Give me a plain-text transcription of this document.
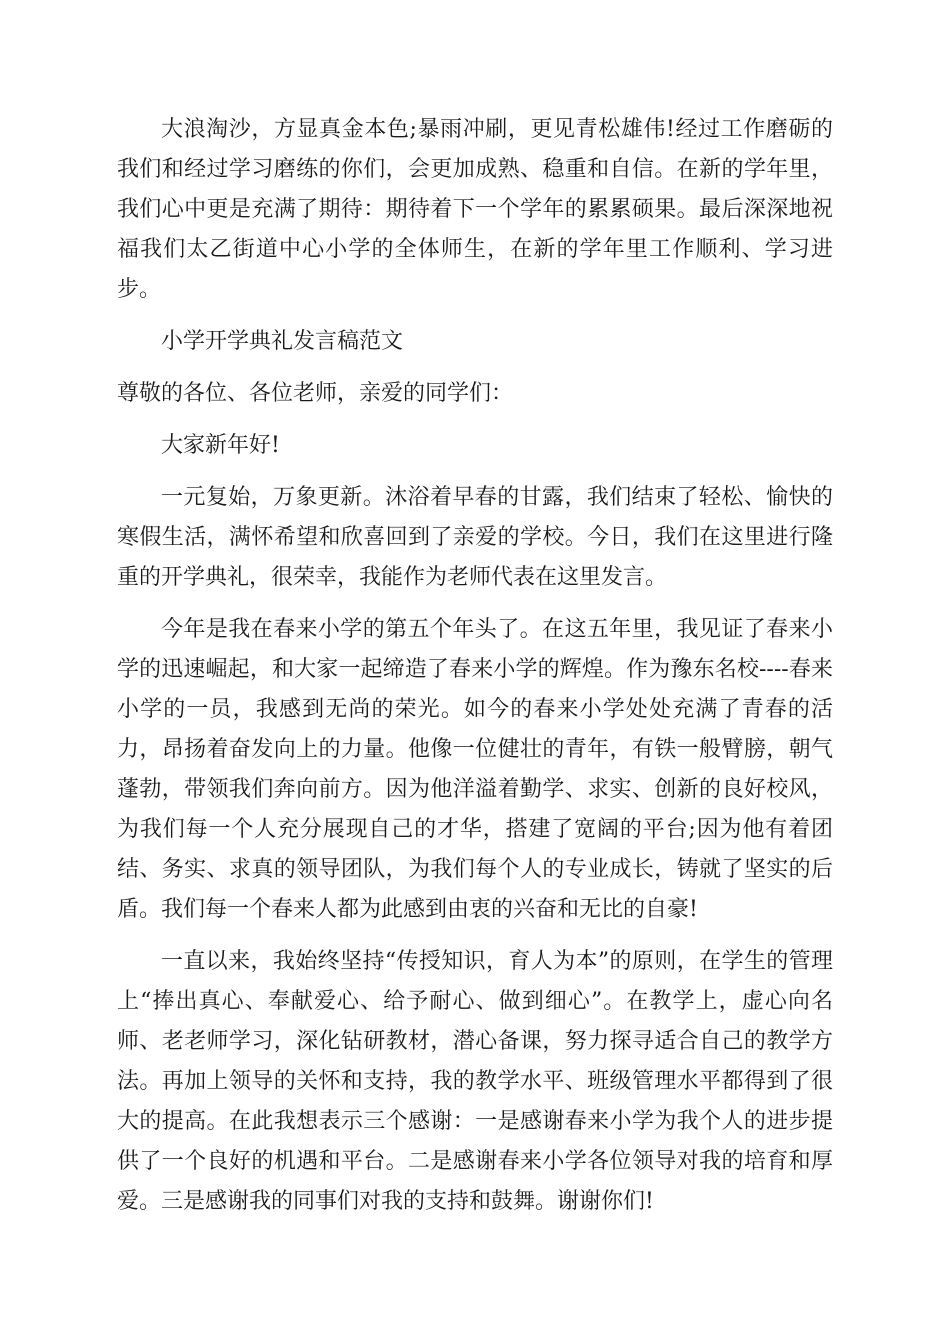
大浪淘沙，方显真金本色;暴雨冲刷，更见青松雄伟!经过工作磨砺的我们和经过学习磨练的你们，会更加成熟、稳重和自信。在新的学年里，我们心中更是充满了期待：期待着下一个学年的累累硕果。最后深深地祝福我们太乙街道中心小学的全体师生，在新的学年里工作顺利、学习进步。

小学开学典礼发言稿范文

尊敬的各位、各位老师，亲爱的同学们：

大家新年好!

一元复始，万象更新。沐浴着早春的甘露，我们结束了轻松、愉快的寒假生活，满怀希望和欣喜回到了亲爱的学校。今日，我们在这里进行隆重的开学典礼，很荣幸，我能作为老师代表在这里发言。

今年是我在春来小学的第五个年头了。在这五年里，我见证了春来小学的迅速崛起，和大家一起缔造了春来小学的辉煌。作为豫东名校----春来小学的一员，我感到无尚的荣光。如今的春来小学处处充满了青春的活力，昂扬着奋发向上的力量。他像一位健壮的青年，有铁一般臂膀，朝气蓬勃，带领我们奔向前方。因为他洋溢着勤学、求实、创新的良好校风，为我们每一个人充分展现自己的才华，搭建了宽阔的平台;因为他有着团结、务实、求真的领导团队，为我们每个人的专业成长，铸就了坚实的后盾。我们每一个春来人都为此感到由衷的兴奋和无比的自豪!

一直以来，我始终坚持“传授知识，育人为本”的原则，在学生的管理上“捧出真心、奉献爱心、给予耐心、做到细心”。在教学上，虚心向名师、老老师学习，深化钻研教材，潜心备课，努力探寻适合自己的教学方法。再加上领导的关怀和支持，我的教学水平、班级管理水平都得到了很大的提高。在此我想表示三个感谢：一是感谢春来小学为我个人的进步提供了一个良好的机遇和平台。二是感谢春来小学各位领导对我的培育和厚爱。三是感谢我的同事们对我的支持和鼓舞。谢谢你们!
